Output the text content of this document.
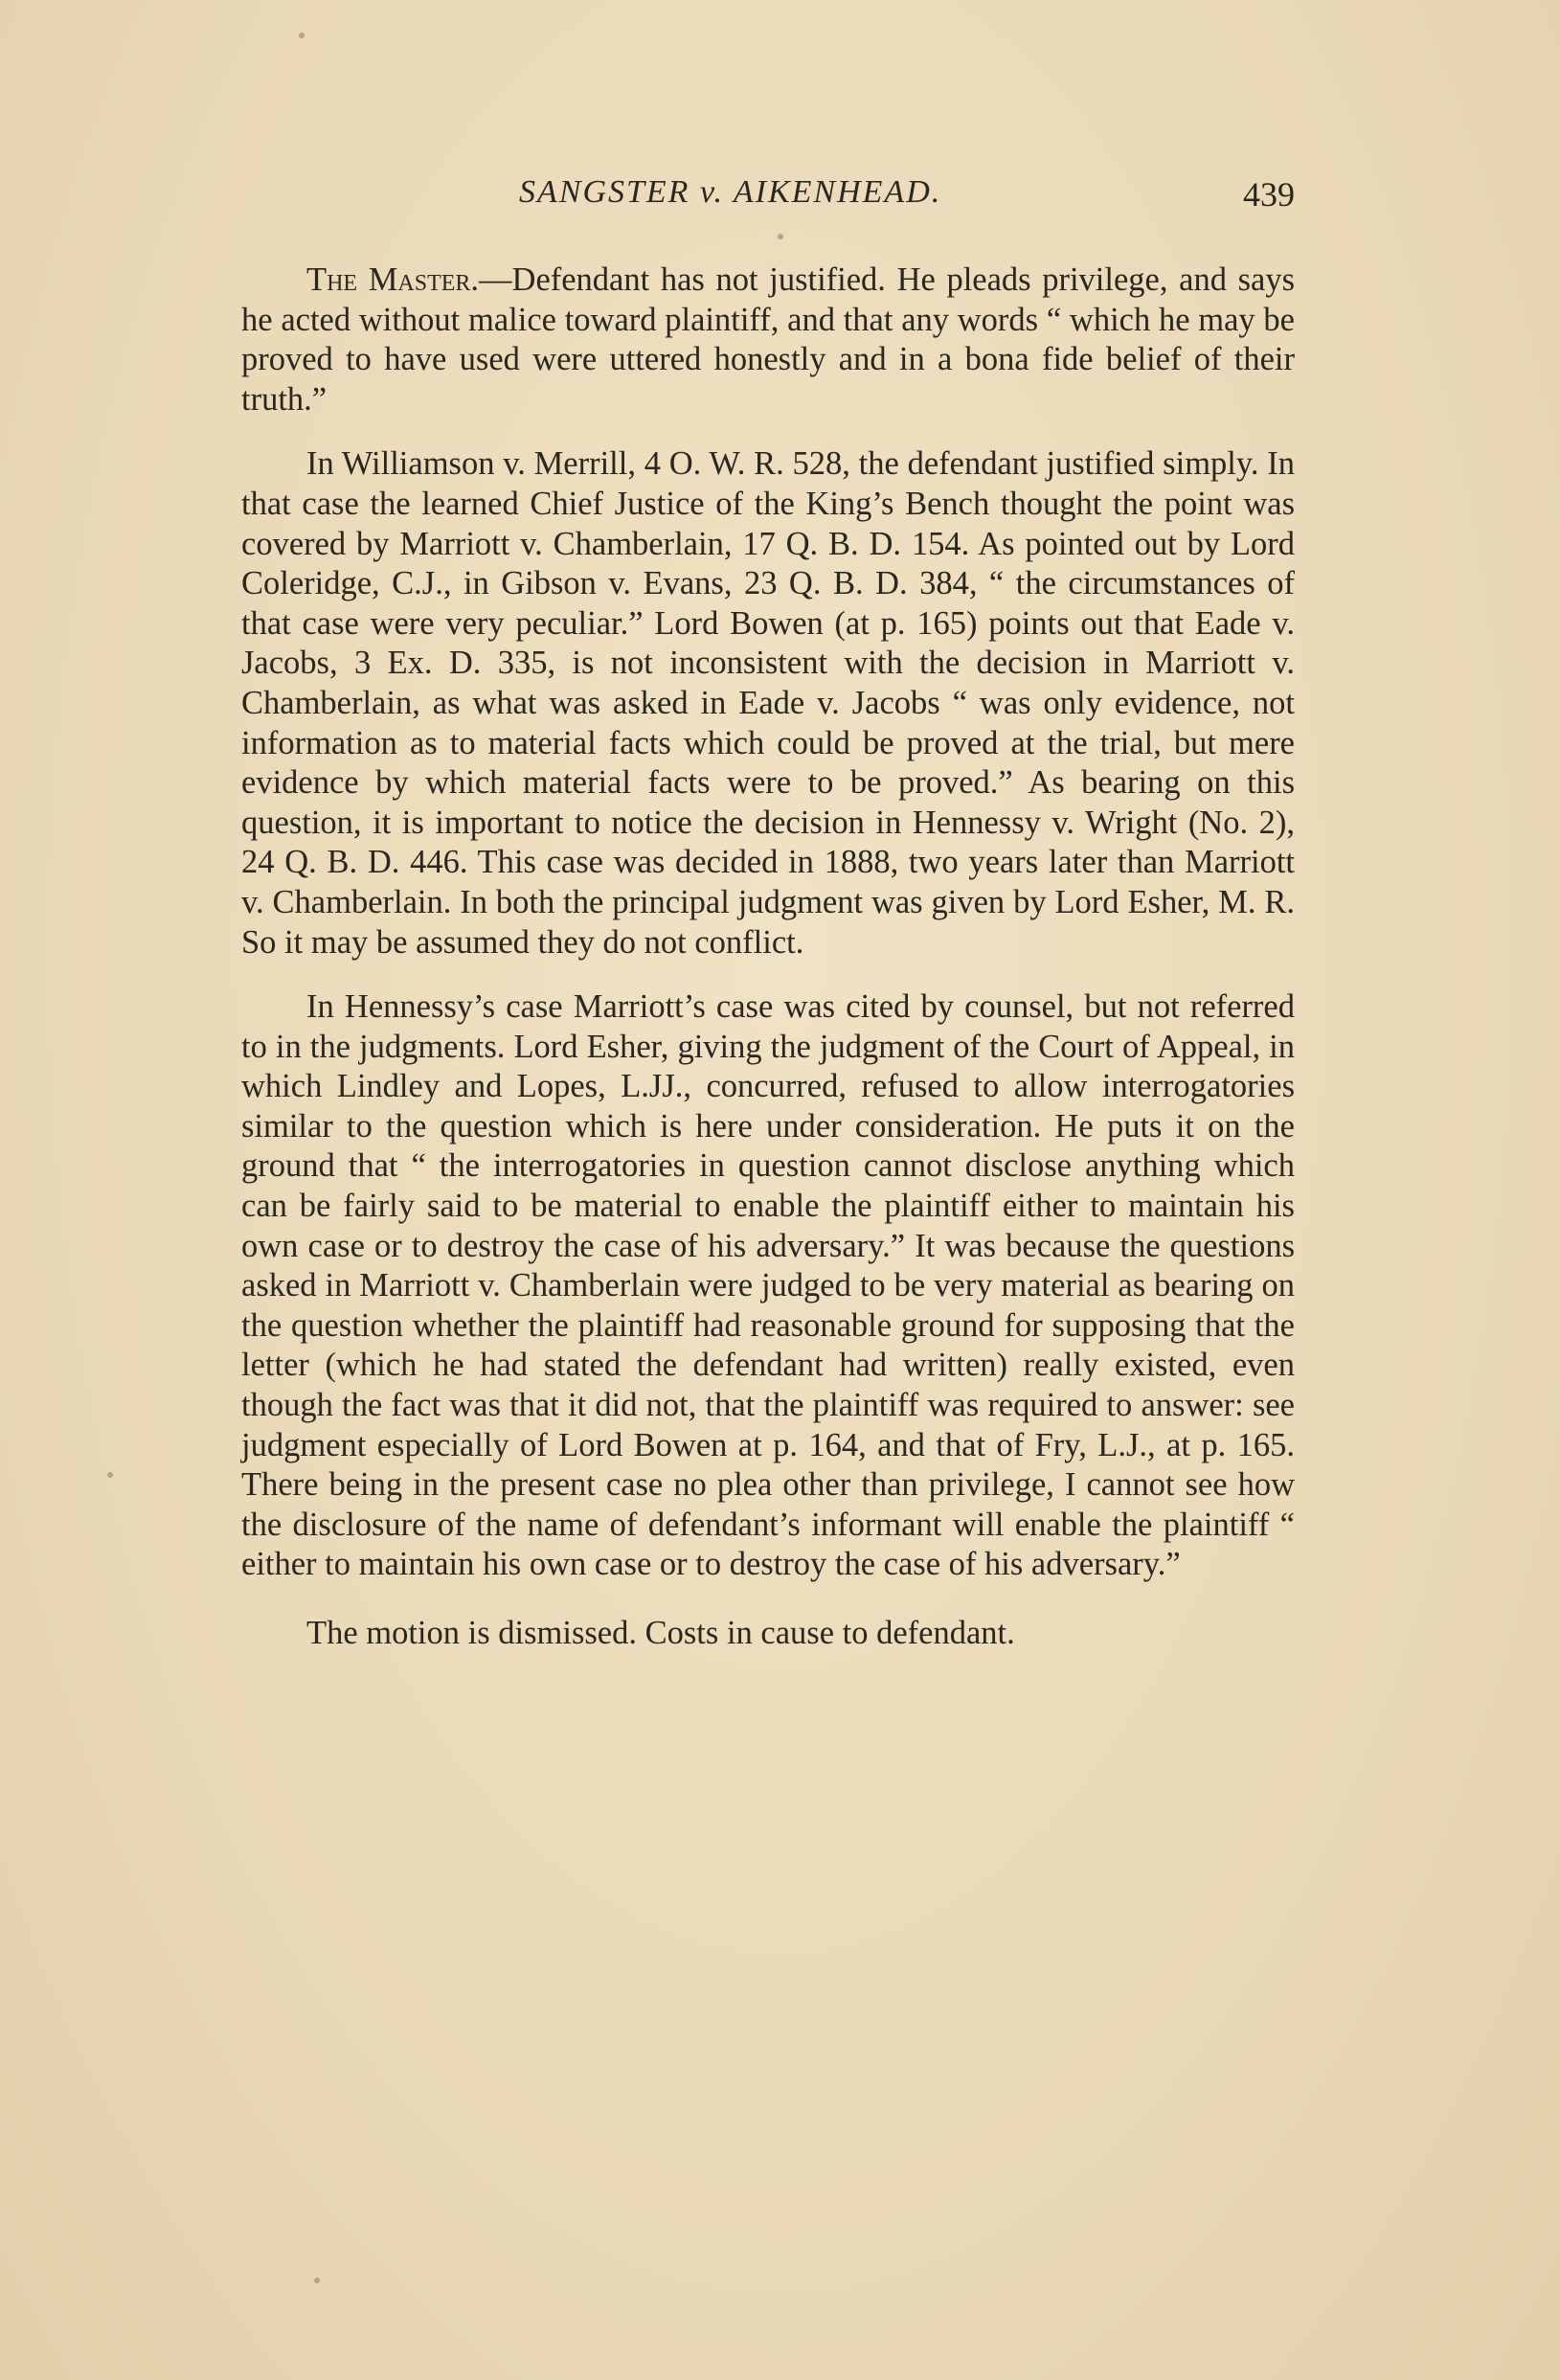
SANGSTER v. AIKENHEAD.	439

The Master.—Defendant has not justified. He pleads privilege, and says he acted without malice toward plaintiff, and that any words “ which he may be proved to have used were uttered honestly and in a bona fide belief of their truth.”

In Williamson v. Merrill, 4 O. W. R. 528, the defendant justified simply. In that case the learned Chief Justice of the King’s Bench thought the point was covered by Marriott v. Chamberlain, 17 Q. B. D. 154. As pointed out by Lord Coleridge, C.J., in Gibson v. Evans, 23 Q. B. D. 384, “ the circumstances of that case were very peculiar.” Lord Bowen (at p. 165) points out that Eade v. Jacobs, 3 Ex. D. 335, is not inconsistent with the decision in Marriott v. Chamberlain, as what was asked in Eade v. Jacobs “ was only evidence, not information as to material facts which could be proved at the trial, but mere evidence by which material facts were to be proved.” As bearing on this question, it is important to notice the decision in Hennessy v. Wright (No. 2), 24 Q. B. D. 446. This case was decided in 1888, two years later than Marriott v. Chamberlain. In both the principal judgment was given by Lord Esher, M. R. So it may be assumed they do not conflict.

In Hennessy’s case Marriott’s case was cited by counsel, but not referred to in the judgments. Lord Esher, giving the judgment of the Court of Appeal, in which Lindley and Lopes, L.JJ., concurred, refused to allow interrogatories similar to the question which is here under consideration. He puts it on the ground that “ the interrogatories in question cannot disclose anything which can be fairly said to be material to enable the plaintiff either to maintain his own case or to destroy the case of his adversary.” It was because the questions asked in Marriott v. Chamberlain were judged to be very material as bearing on the question whether the plaintiff had reasonable ground for supposing that the letter (which he had stated the defendant had written) really existed, even though the fact was that it did not, that the plaintiff was required to answer: see judgment especially of Lord Bowen at p. 164, and that of Fry, L.J., at p. 165. There being in the present case no plea other than privilege, I cannot see how the disclosure of the name of defendant’s informant will enable the plaintiff “ either to maintain his own case or to destroy the case of his adversary.”

The motion is dismissed. Costs in cause to defendant.
